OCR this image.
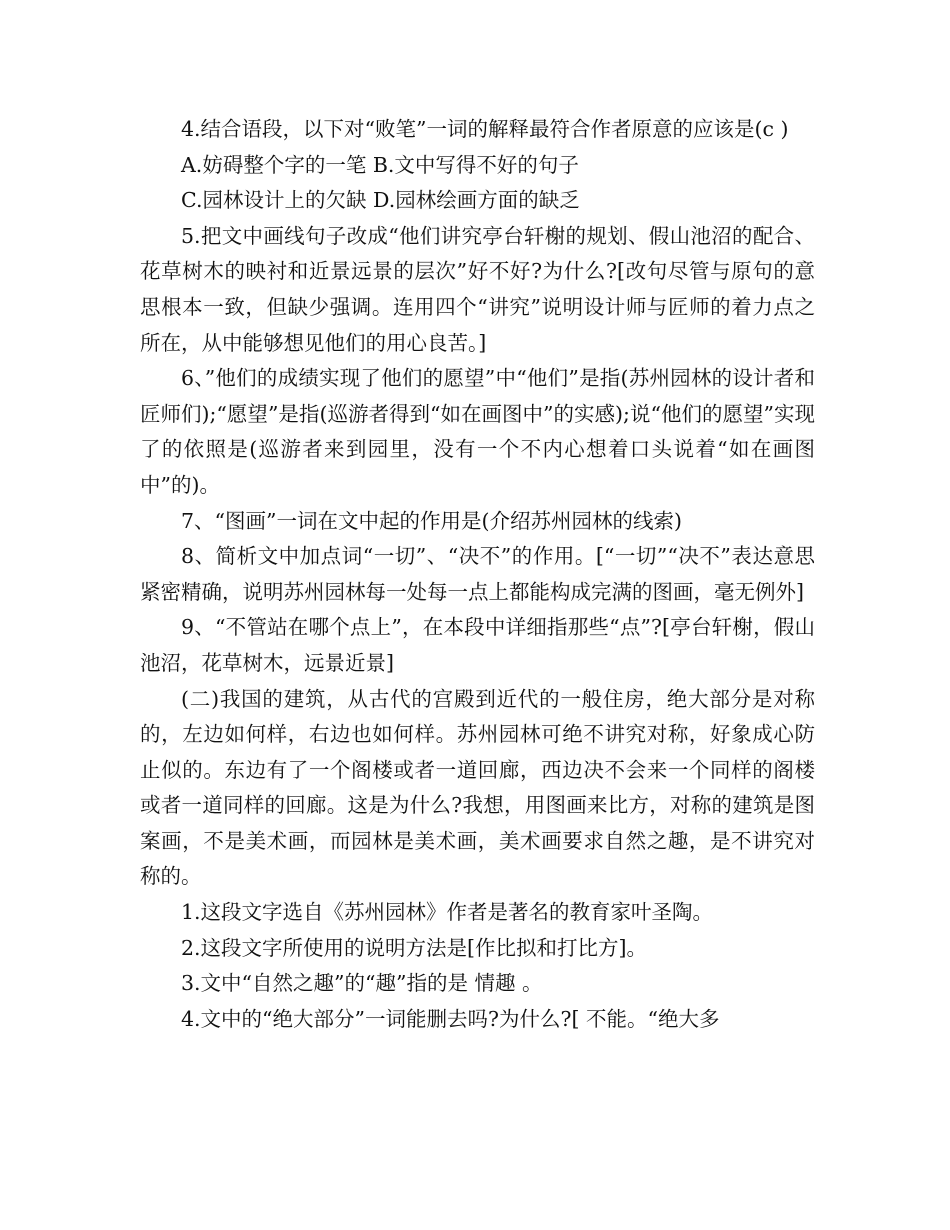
4.结合语段，以下对“败笔”一词的解释最符合作者原意的应该是(c )

A.妨碍整个字的一笔 B.文中写得不好的句子

C.园林设计上的欠缺 D.园林绘画方面的缺乏

5.把文中画线句子改成“他们讲究亭台轩榭的规划、假山池沼的配合、花草树木的映衬和近景远景的层次”好不好?为什么?[改句尽管与原句的意思根本一致，但缺少强调。连用四个“讲究”说明设计师与匠师的着力点之所在，从中能够想见他们的用心良苦。]

6、”他们的成绩实现了他们的愿望”中“他们”是指(苏州园林的设计者和匠师们);“愿望”是指(巡游者得到“如在画图中”的实感);说“他们的愿望”实现了的依照是(巡游者来到园里，没有一个不内心想着口头说着“如在画图中”的)。

7、“图画”一词在文中起的作用是(介绍苏州园林的线索)

8、简析文中加点词“一切”、“决不”的作用。[“一切”“决不”表达意思紧密精确，说明苏州园林每一处每一点上都能构成完满的图画，毫无例外]

9、“不管站在哪个点上”，在本段中详细指那些“点”?[亭台轩榭，假山池沼，花草树木，远景近景]

(二)我国的建筑，从古代的宫殿到近代的一般住房，绝大部分是对称的，左边如何样，右边也如何样。苏州园林可绝不讲究对称，好象成心防止似的。东边有了一个阁楼或者一道回廊，西边决不会来一个同样的阁楼或者一道同样的回廊。这是为什么?我想，用图画来比方，对称的建筑是图案画，不是美术画，而园林是美术画，美术画要求自然之趣，是不讲究对称的。

1.这段文字选自《苏州园林》作者是著名的教育家叶圣陶。

2.这段文字所使用的说明方法是[作比拟和打比方]。

3.文中“自然之趣”的“趣”指的是 情趣 。

4.文中的“绝大部分”一词能删去吗?为什么?[ 不能。“绝大多
